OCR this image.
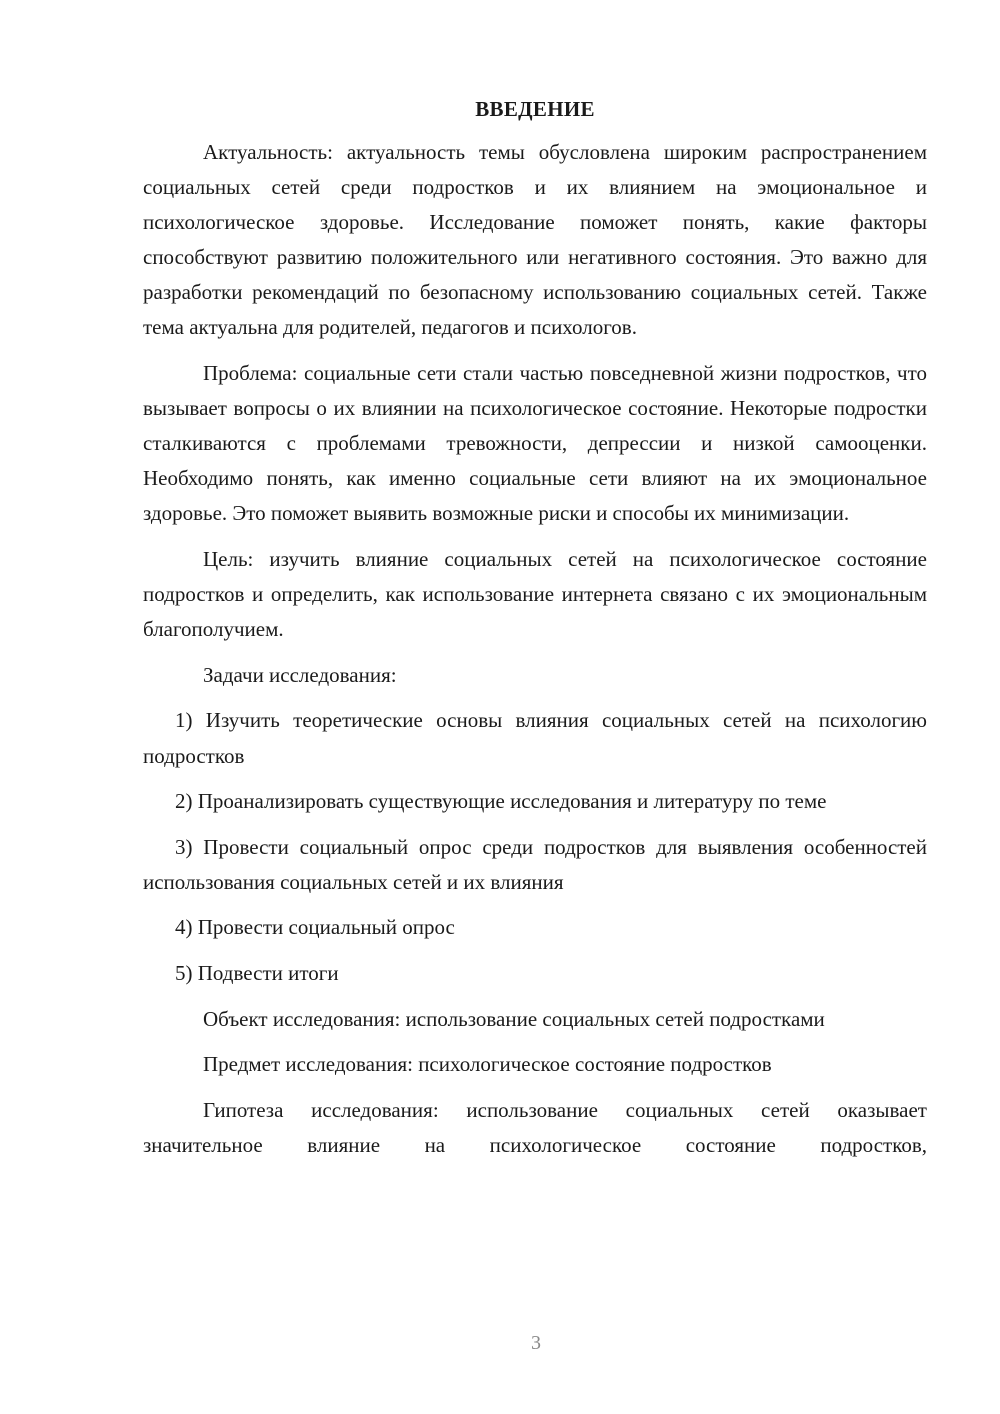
ВВЕДЕНИЕ

Актуальность: актуальность темы обусловлена широким распространением социальных сетей среди подростков и их влиянием на эмоциональное и психологическое здоровье. Исследование поможет понять, какие факторы способствуют развитию положительного или негативного состояния. Это важно для разработки рекомендаций по безопасному использованию социальных сетей. Также тема актуальна для родителей, педагогов и психологов.

Проблема: социальные сети стали частью повседневной жизни подростков, что вызывает вопросы о их влиянии на психологическое состояние. Некоторые подростки сталкиваются с проблемами тревожности, депрессии и низкой самооценки. Необходимо понять, как именно социальные сети влияют на их эмоциональное здоровье. Это поможет выявить возможные риски и способы их минимизации.

Цель: изучить влияние социальных сетей на психологическое состояние подростков и определить, как использование интернета связано с их эмоциональным благополучием.

Задачи исследования:

1) Изучить теоретические основы влияния социальных сетей на психологию подростков

2) Проанализировать существующие исследования и литературу по теме

3) Провести социальный опрос среди подростков для выявления особенностей использования социальных сетей и их влияния

4) Провести социальный опрос

5) Подвести итоги

Объект исследования: использование социальных сетей подростками

Предмет исследования: психологическое состояние подростков

Гипотеза исследования: использование социальных сетей оказывает значительное влияние на психологическое состояние подростков,

3
